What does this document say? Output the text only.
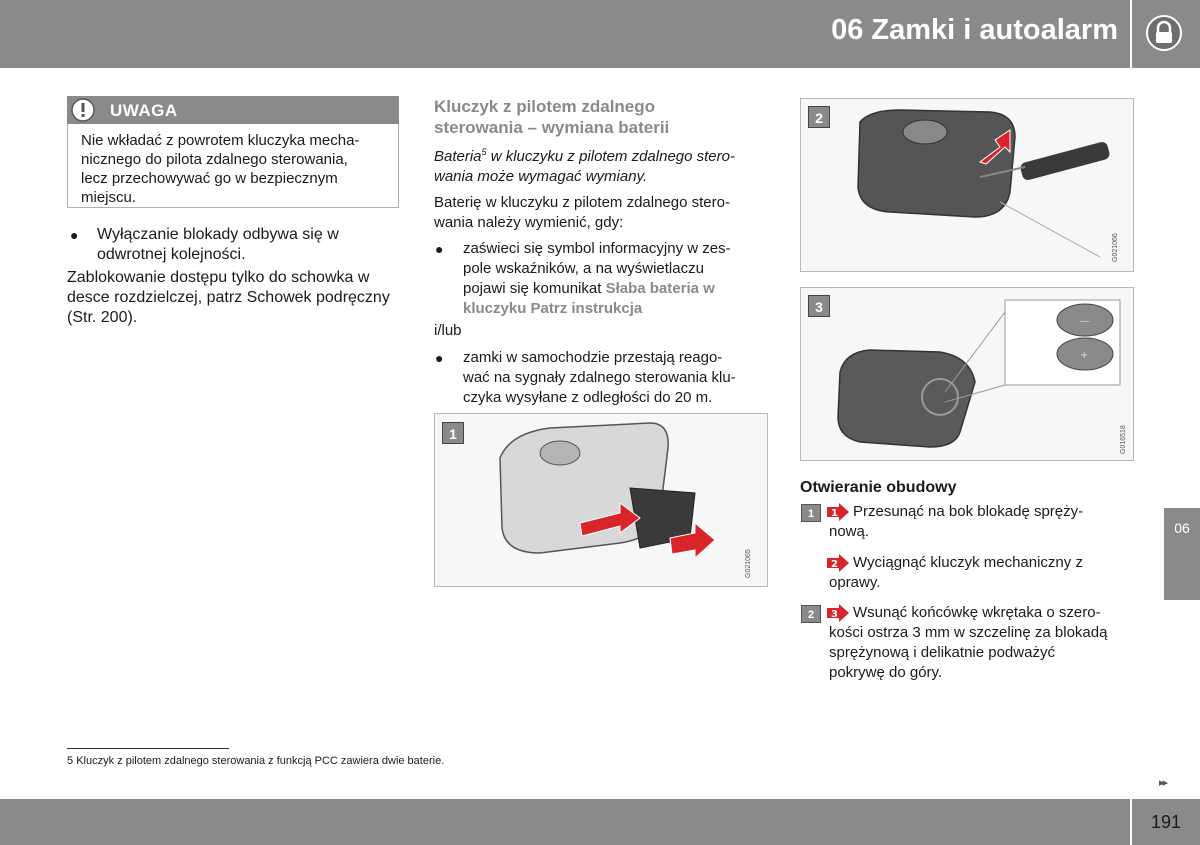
06 Zamki i autoalarm
UWAGA
Nie wkładać z powrotem kluczyka mecha-
nicznego do pilota zdalnego sterowania,
lecz przechowywać go w bezpiecznym
miejscu.
● Wyłączanie blokady odbywa się w
odwrotnej kolejności.
Zablokowanie dostępu tylko do schowka w
desce rozdzielczej, patrz Schowek podręczny
(Str. 200).
Kluczyk z pilotem zdalnego
sterowania – wymiana baterii
Bateria$^5$ w kluczyku z pilotem zdalnego stero-
wania może wymagać wymiany.
Baterię w kluczyku z pilotem zdalnego stero-
wania należy wymienić, gdy:
● zaświeci się symbol informacyjny w zes-
pole wskaźników, a na wyświetlaczu
pojawi się komunikat Słaba bateria w
kluczyku Patrz instrukcja
i/lub
● zamki w samochodzie przestają reago-
wać na sygnały zdalnego sterowania klu-
czyka wysyłane z odległości do 20 m.
1
G021065
2
G021066
3
—
+
G016518
Otwieranie obudowy
1	1	Przesunąć na bok blokadę spręży-
nową.
2	Wyciągnąć kluczyk mechaniczny z
oprawy.
2	3	Wsunąć końcówkę wkrętaka o szero-
kości ostrza 3 mm w szczelinę za blokadą
sprężynową i delikatnie podważyć
pokrywę do góry.
06
5 Kluczyk z pilotem zdalnego sterowania z funkcją PCC zawiera dwie baterie.
▸▸
191
